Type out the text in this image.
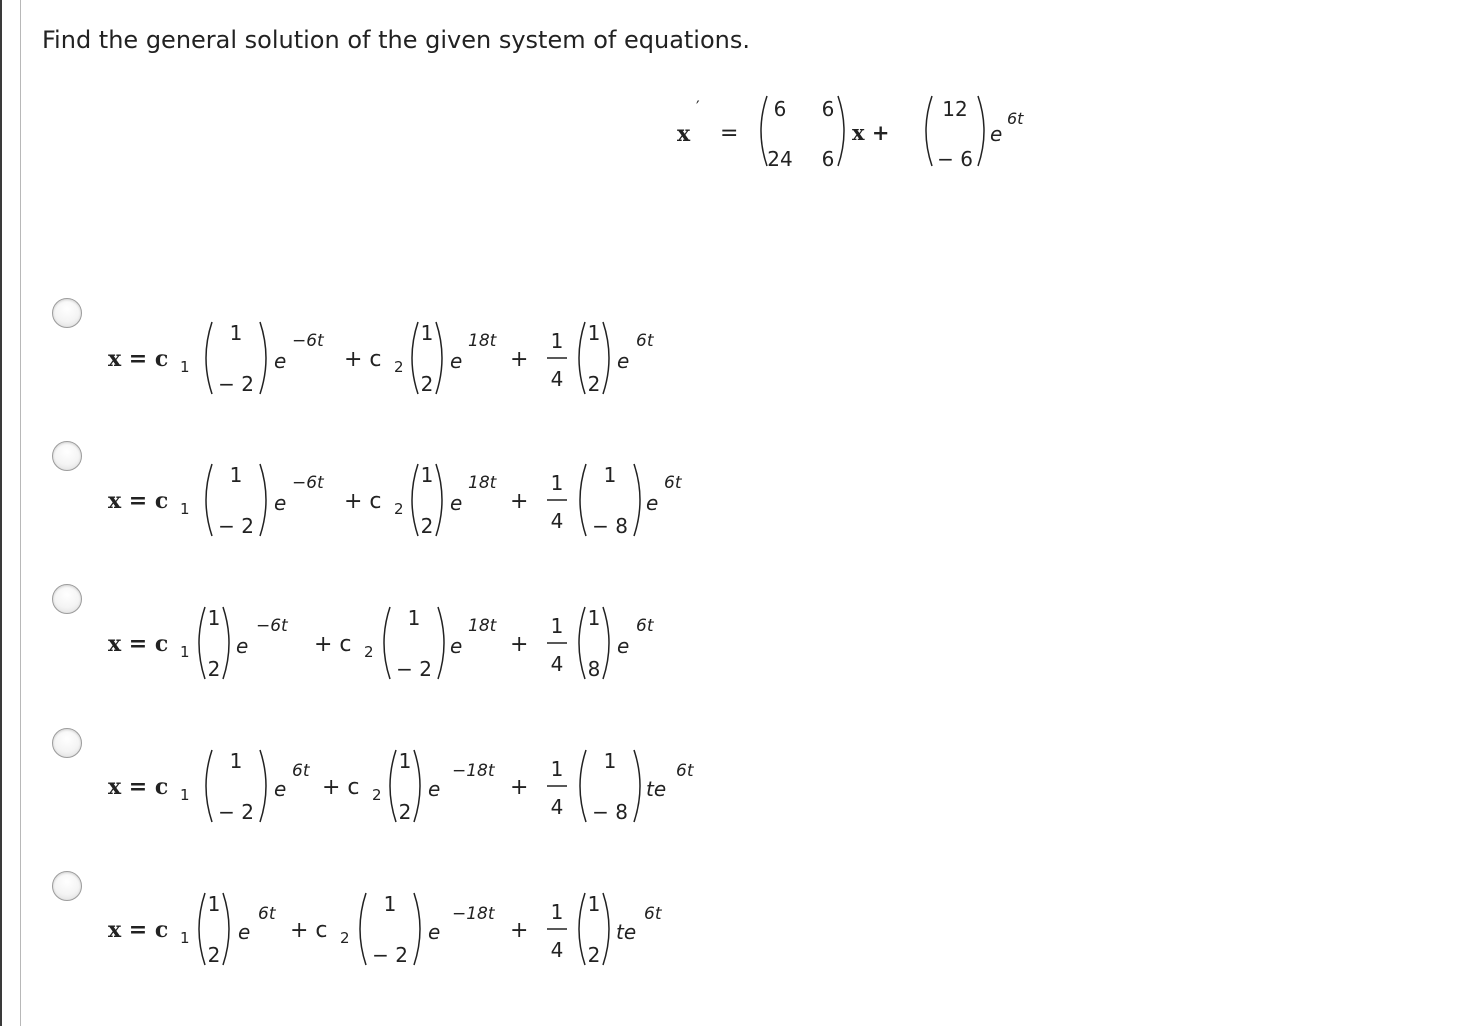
Find the general solution of the given system of equations.
x
′
=
6 6
24 6
x +
12
− 6
e
6t
x = c 1
1
− 2
e
−6t
+ c 2
1
2
e
18t
+
1
4
1
2
e
6t
x = c 1
1
− 2
e
−6t
+ c 2
1
2
e
18t
+
1
4
1
− 8
e
6t
x = c 1
1
2
e
−6t
+ c 2
1
− 2
e
18t
+
1
4
1
8
e
6t
x = c 1
1
− 2
e
6t
+ c 2
1
2
e
−18t
+
1
4
1
− 8
te
6t
x = c 1
1
2
e
6t
+ c 2
1
− 2
e
−18t
+
1
4
1
2
te
6t
